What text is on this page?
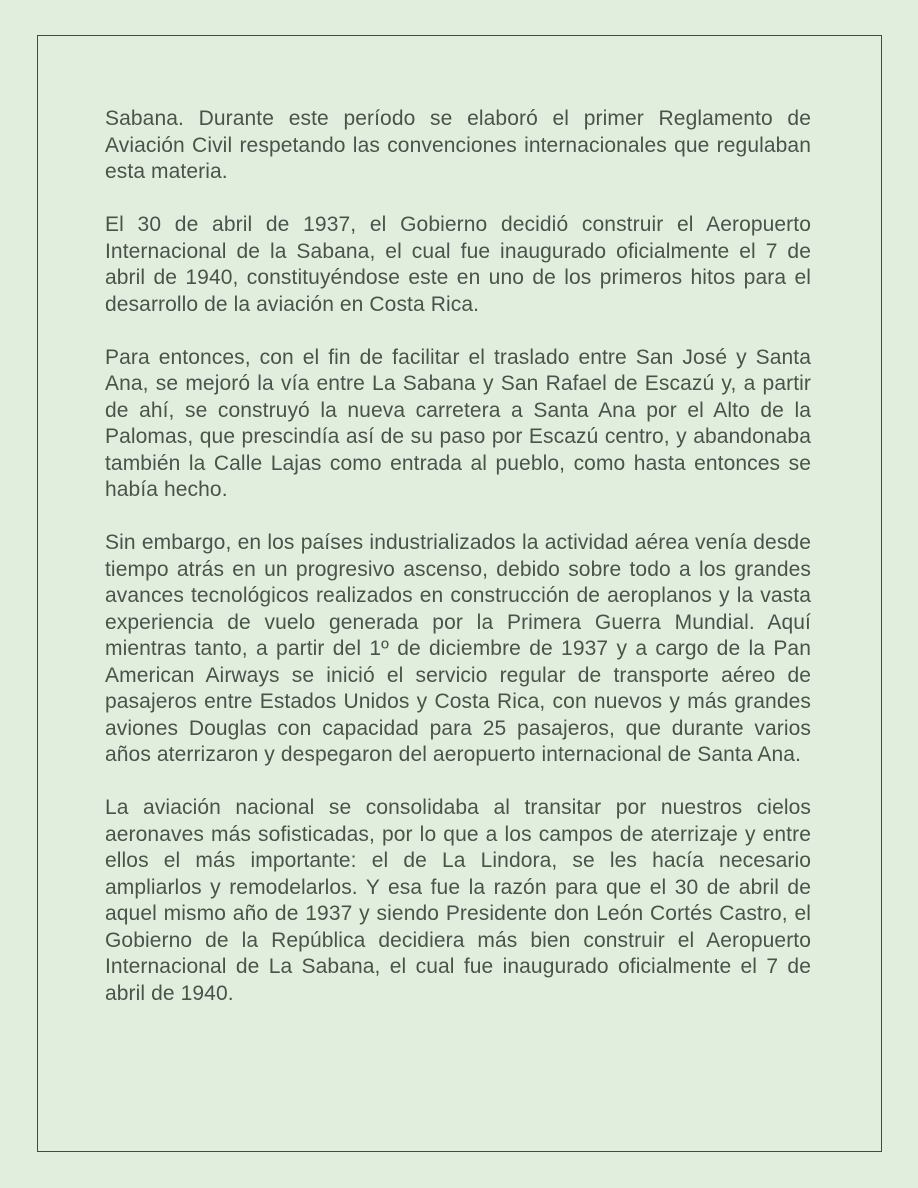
Sabana. Durante este período se elaboró el primer Reglamento de Aviación Civil respetando las convenciones internacionales que regulaban esta materia.

El 30 de abril de 1937, el Gobierno decidió construir el Aeropuerto Internacional de la Sabana, el cual fue inaugurado oficialmente el 7 de abril de 1940, constituyéndose este en uno de los primeros hitos para el desarrollo de la aviación en Costa Rica.

Para entonces, con el fin de facilitar el traslado entre San José y Santa Ana, se mejoró la vía entre La Sabana y San Rafael de Escazú y, a partir de ahí, se construyó la nueva carretera a Santa Ana por el Alto de la Palomas, que prescindía así de su paso por Escazú centro, y abandonaba también la Calle Lajas como entrada al pueblo, como hasta entonces se había hecho.

Sin embargo, en los países industrializados la actividad aérea venía desde tiempo atrás en un progresivo ascenso, debido sobre todo a los grandes avances tecnológicos realizados en construcción de aeroplanos y la vasta experiencia de vuelo generada por la Primera Guerra Mundial. Aquí mientras tanto, a partir del 1º de diciembre de 1937 y a cargo de la Pan American Airways se inició el servicio regular de transporte aéreo de pasajeros entre Estados Unidos y Costa Rica, con nuevos y más grandes aviones Douglas con capacidad para 25 pasajeros, que durante varios años aterrizaron y despegaron del aeropuerto internacional de Santa Ana.

La aviación nacional se consolidaba al transitar por nuestros cielos aeronaves más sofisticadas, por lo que a los campos de aterrizaje y entre ellos el más importante: el de La Lindora, se les hacía necesario ampliarlos y remodelarlos. Y esa fue la razón para que el 30 de abril de aquel mismo año de 1937 y siendo Presidente don León Cortés Castro, el Gobierno de la República decidiera más bien construir el Aeropuerto Internacional de La Sabana, el cual fue inaugurado oficialmente el 7 de abril de 1940.
